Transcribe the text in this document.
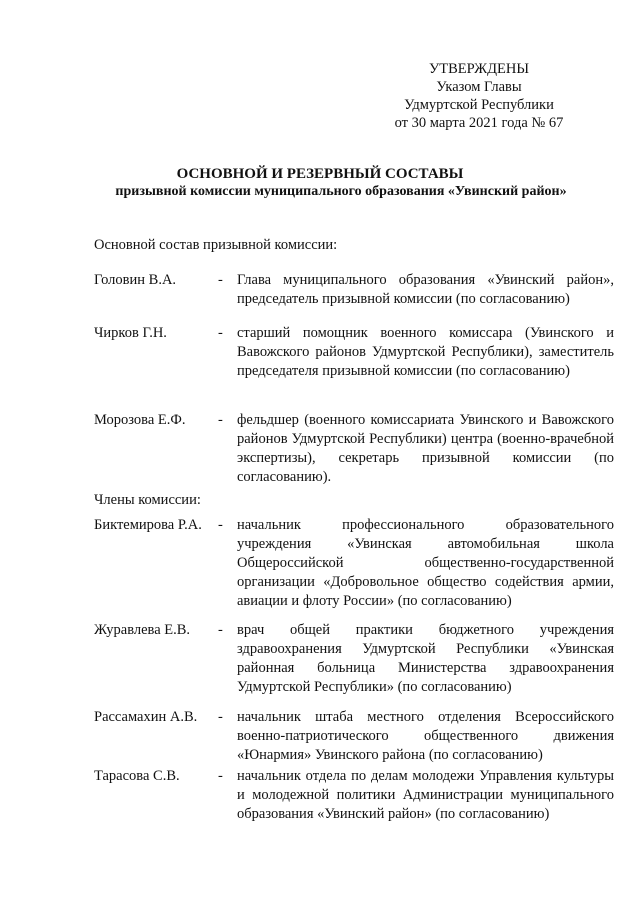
УТВЕРЖДЕНЫ
Указом Главы
Удмуртской Республики
от 30 марта 2021 года № 67
ОСНОВНОЙ И РЕЗЕРВНЫЙ СОСТАВЫ
призывной комиссии муниципального образования «Увинский район»
Основной состав призывной комиссии:
Головин В.А.	- Глава муниципального образования «Увинский район», председатель призывной комиссии (по согласованию)
Чирков Г.Н.	- старший помощник военного комиссара (Увинского и Вавожского районов Удмуртской Республики), заместитель председателя призывной комиссии (по согласованию)
Морозова Е.Ф. - фельдшер (военного комиссариата Увинского и Вавожского районов Удмуртской Республики) центра (военно-врачебной экспертизы), секретарь призывной комиссии (по согласованию).
Члены комиссии:
Биктемирова Р.А. - начальник профессионального образовательного учреждения «Увинская автомобильная школа Общероссийской общественно-государственной организации «Добровольное общество содействия армии, авиации и флоту России» (по согласованию)
Журавлева Е.В. - врач общей практики бюджетного учреждения здравоохранения Удмуртской Республики «Увинская районная больница Министерства здравоохранения Удмуртской Республики» (по согласованию)
Рассамахин А.В. - начальник штаба местного отделения Всероссийского военно-патриотического общественного движения «Юнармия» Увинского района (по согласованию)
Тарасова С.В.	- начальник отдела по делам молодежи Управления культуры и молодежной политики Администрации муниципального образования «Увинский район» (по согласованию)
